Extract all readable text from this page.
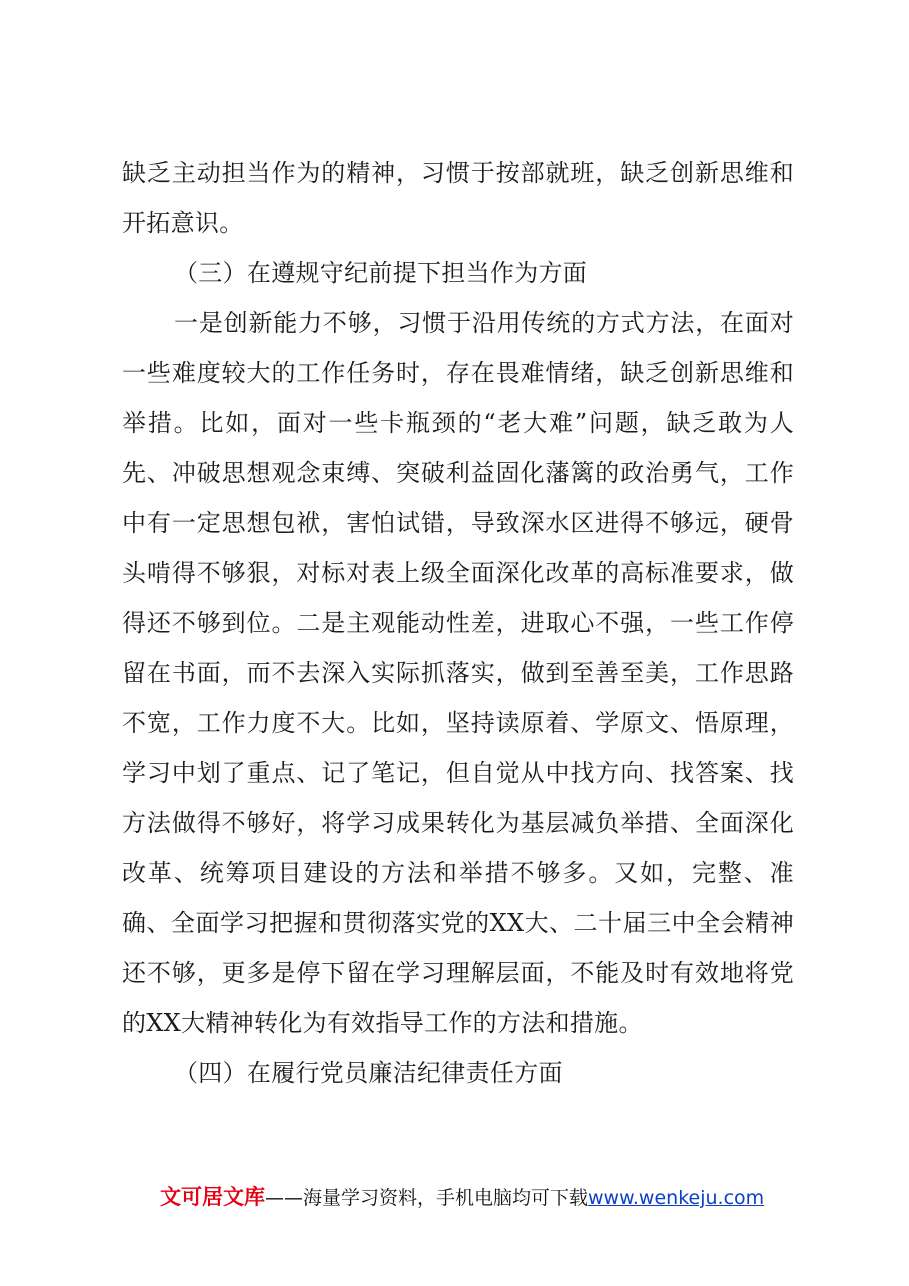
缺乏主动担当作为的精神，习惯于按部就班，缺乏创新思维和开拓意识。

（三）在遵规守纪前提下担当作为方面

一是创新能力不够，习惯于沿用传统的方式方法，在面对一些难度较大的工作任务时，存在畏难情绪，缺乏创新思维和举措。比如，面对一些卡瓶颈的“老大难”问题，缺乏敢为人先、冲破思想观念束缚、突破利益固化藩篱的政治勇气，工作中有一定思想包袱，害怕试错，导致深水区进得不够远，硬骨头啃得不够狠，对标对表上级全面深化改革的高标准要求，做得还不够到位。二是主观能动性差，进取心不强，一些工作停留在书面，而不去深入实际抓落实，做到至善至美，工作思路不宽，工作力度不大。比如，坚持读原着、学原文、悟原理，学习中划了重点、记了笔记，但自觉从中找方向、找答案、找方法做得不够好，将学习成果转化为基层减负举措、全面深化改革、统筹项目建设的方法和举措不够多。又如，完整、准确、全面学习把握和贯彻落实党的XX大、二十届三中全会精神还不够，更多是停下留在学习理解层面，不能及时有效地将党的XX大精神转化为有效指导工作的方法和措施。

（四）在履行党员廉洁纪律责任方面

文可居文库——海量学习资料，手机电脑均可下载www.wenkeju.com
